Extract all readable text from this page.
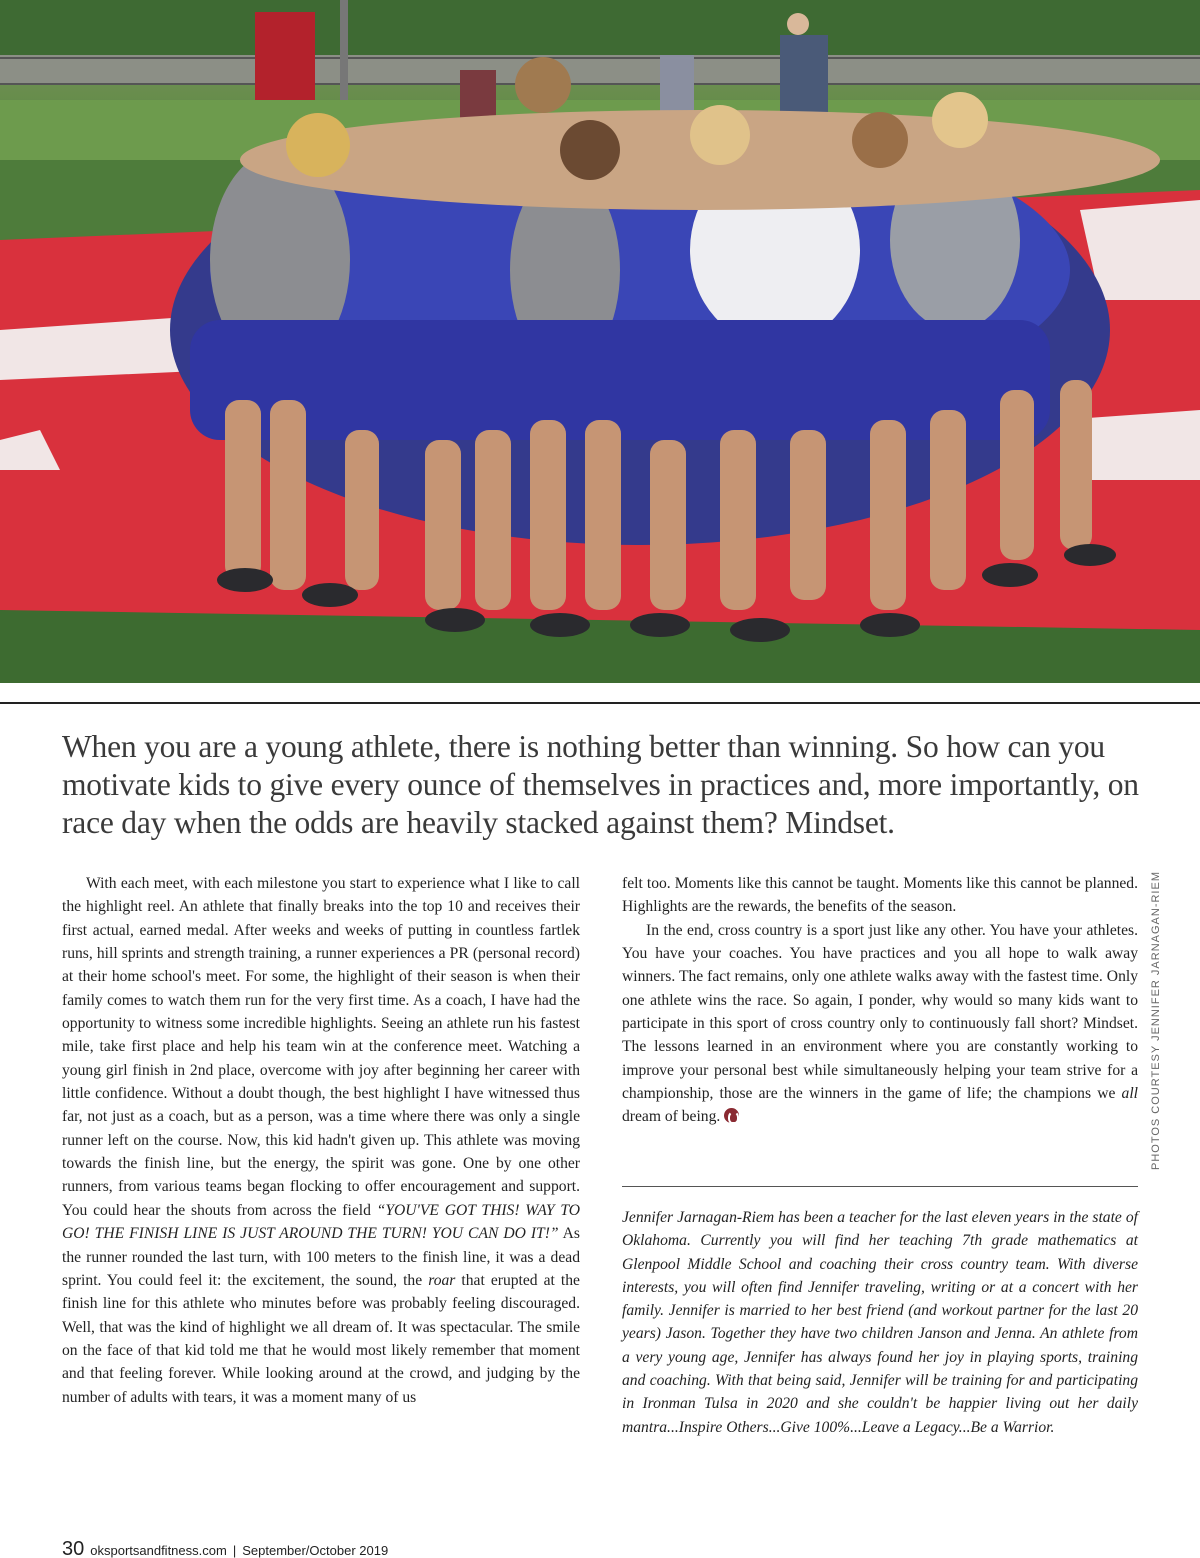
When you are a young athlete, there is nothing better than winning. So how can you motivate kids to give every ounce of themselves in practices and, more importantly, on race day when the odds are heavily stacked against them? Mindset.

With each meet, with each milestone you start to experience what I like to call the highlight reel. An athlete that finally breaks into the top 10 and receives their first actual, earned medal. After weeks and weeks of putting in countless fartlek runs, hill sprints and strength training, a runner experiences a PR (personal record) at their home school's meet. For some, the highlight of their season is when their family comes to watch them run for the very first time. As a coach, I have had the opportunity to witness some incredible highlights. Seeing an athlete run his fastest mile, take first place and help his team win at the conference meet. Watching a young girl finish in 2nd place, overcome with joy after beginning her career with little confidence. Without a doubt though, the best highlight I have witnessed thus far, not just as a coach, but as a person, was a time where there was only a single runner left on the course. Now, this kid hadn't given up. This athlete was moving towards the finish line, but the energy, the spirit was gone. One by one other runners, from various teams began flocking to offer encouragement and support. You could hear the shouts from across the field “YOU'VE GOT THIS! WAY TO GO! THE FINISH LINE IS JUST AROUND THE TURN! YOU CAN DO IT!” As the runner rounded the last turn, with 100 meters to the finish line, it was a dead sprint. You could feel it: the excitement, the sound, the roar that erupted at the finish line for this athlete who minutes before was probably feeling discouraged. Well, that was the kind of highlight we all dream of. It was spectacular. The smile on the face of that kid told me that he would most likely remember that moment and that feeling forever. While looking around at the crowd, and judging by the number of adults with tears, it was a moment many of us

felt too. Moments like this cannot be taught. Moments like this cannot be planned. Highlights are the rewards, the benefits of the season.

In the end, cross country is a sport just like any other. You have your athletes. You have your coaches. You have practices and you all hope to walk away winners. The fact remains, only one athlete walks away with the fastest time. Only one athlete wins the race. So again, I ponder, why would so many kids want to participate in this sport of cross country only to continuously fall short? Mindset. The lessons learned in an environment where you are constantly working to improve your personal best while simultaneously helping your team strive for a championship, those are the winners in the game of life; the champions we all dream of being.

Jennifer Jarnagan-Riem has been a teacher for the last eleven years in the state of Oklahoma. Currently you will find her teaching 7th grade mathematics at Glenpool Middle School and coaching their cross country team. With diverse interests, you will often find Jennifer traveling, writing or at a concert with her family. Jennifer is married to her best friend (and workout partner for the last 20 years) Jason. Together they have two children Janson and Jenna. An athlete from a very young age, Jennifer has always found her joy in playing sports, training and coaching. With that being said, Jennifer will be training for and participating in Ironman Tulsa in 2020 and she couldn't be happier living out her daily mantra...Inspire Others...Give 100%...Leave a Legacy...Be a Warrior.
PHOTOS COURTESY JENNIFER JARNAGAN-RIEM
30 oksportsandfitness.com | September/October 2019
